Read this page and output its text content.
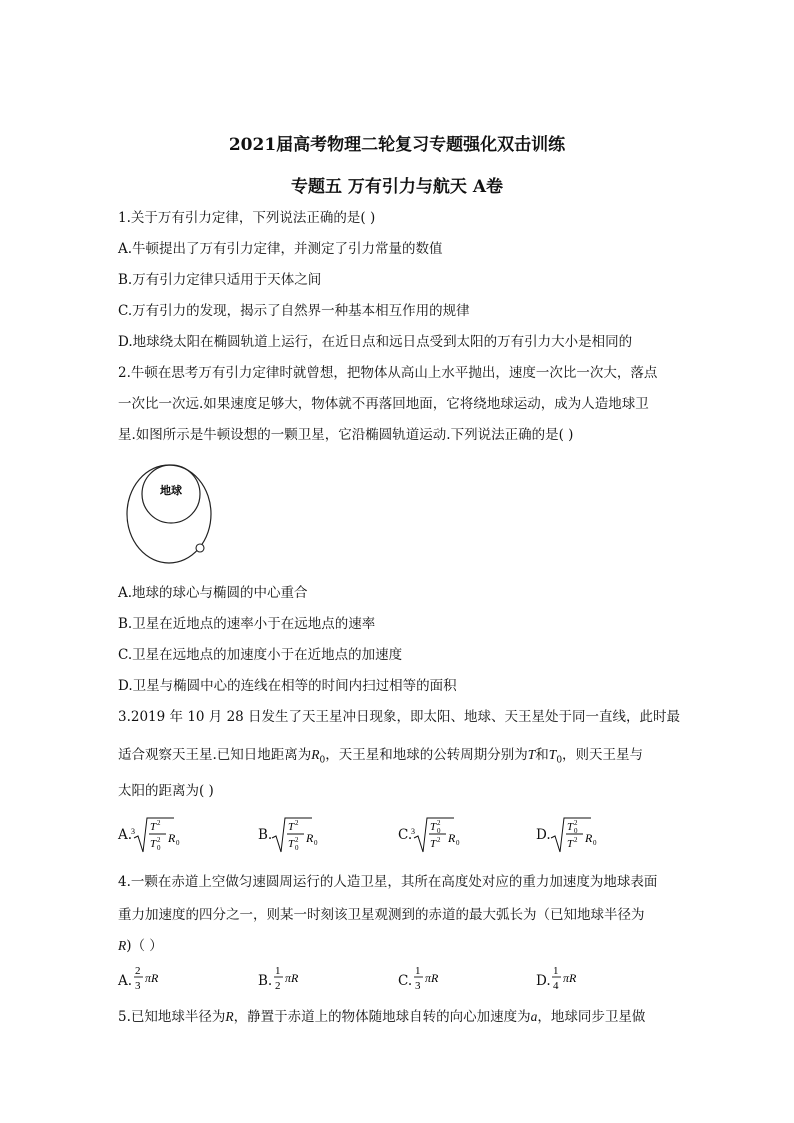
2021届高考物理二轮复习专题强化双击训练
专题五 万有引力与航天 A卷
1.关于万有引力定律，下列说法正确的是( )
A.牛顿提出了万有引力定律，并测定了引力常量的数值
B.万有引力定律只适用于天体之间
C.万有引力的发现，揭示了自然界一种基本相互作用的规律
D.地球绕太阳在椭圆轨道上运行，在近日点和远日点受到太阳的万有引力大小是相同的
2.牛顿在思考万有引力定律时就曾想，把物体从高山上水平抛出，速度一次比一次大，落点
一次比一次远.如果速度足够大，物体就不再落回地面，它将绕地球运动，成为人造地球卫
星.如图所示是牛顿设想的一颗卫星，它沿椭圆轨道运动.下列说法正确的是( )
地球
A.地球的球心与椭圆的中心重合
B.卫星在近地点的速率小于在远地点的速率
C.卫星在远地点的加速度小于在近地点的加速度
D.卫星与椭圆中心的连线在相等的时间内扫过相等的面积
3.2019 年 10 月 28 日发生了天王星冲日现象，即太阳、地球、天王星处于同一直线，此时最
适合观察天王星.已知日地距离为$R_0$，天王星和地球的公转周期分别为T和$T_0$，则天王星与
太阳的距离为( )
A.
3 T 2
T 2
0
R 0	B. T 2
T 2
0
R 0	C.
3 T 2
0
T 2 R 0	D. T 2
0
T 2 R 0
4.一颗在赤道上空做匀速圆周运行的人造卫星，其所在高度处对应的重力加速度为地球表面
重力加速度的四分之一，则某一时刻该卫星观测到的赤道的最大弧长为（已知地球半径为
R)（ ）
A.
2
3
πR	B.
1
2
πR	C.
1
3
πR	D.
1
4
πR
5.已知地球半径为R，静置于赤道上的物体随地球自转的向心加速度为a，地球同步卫星做
